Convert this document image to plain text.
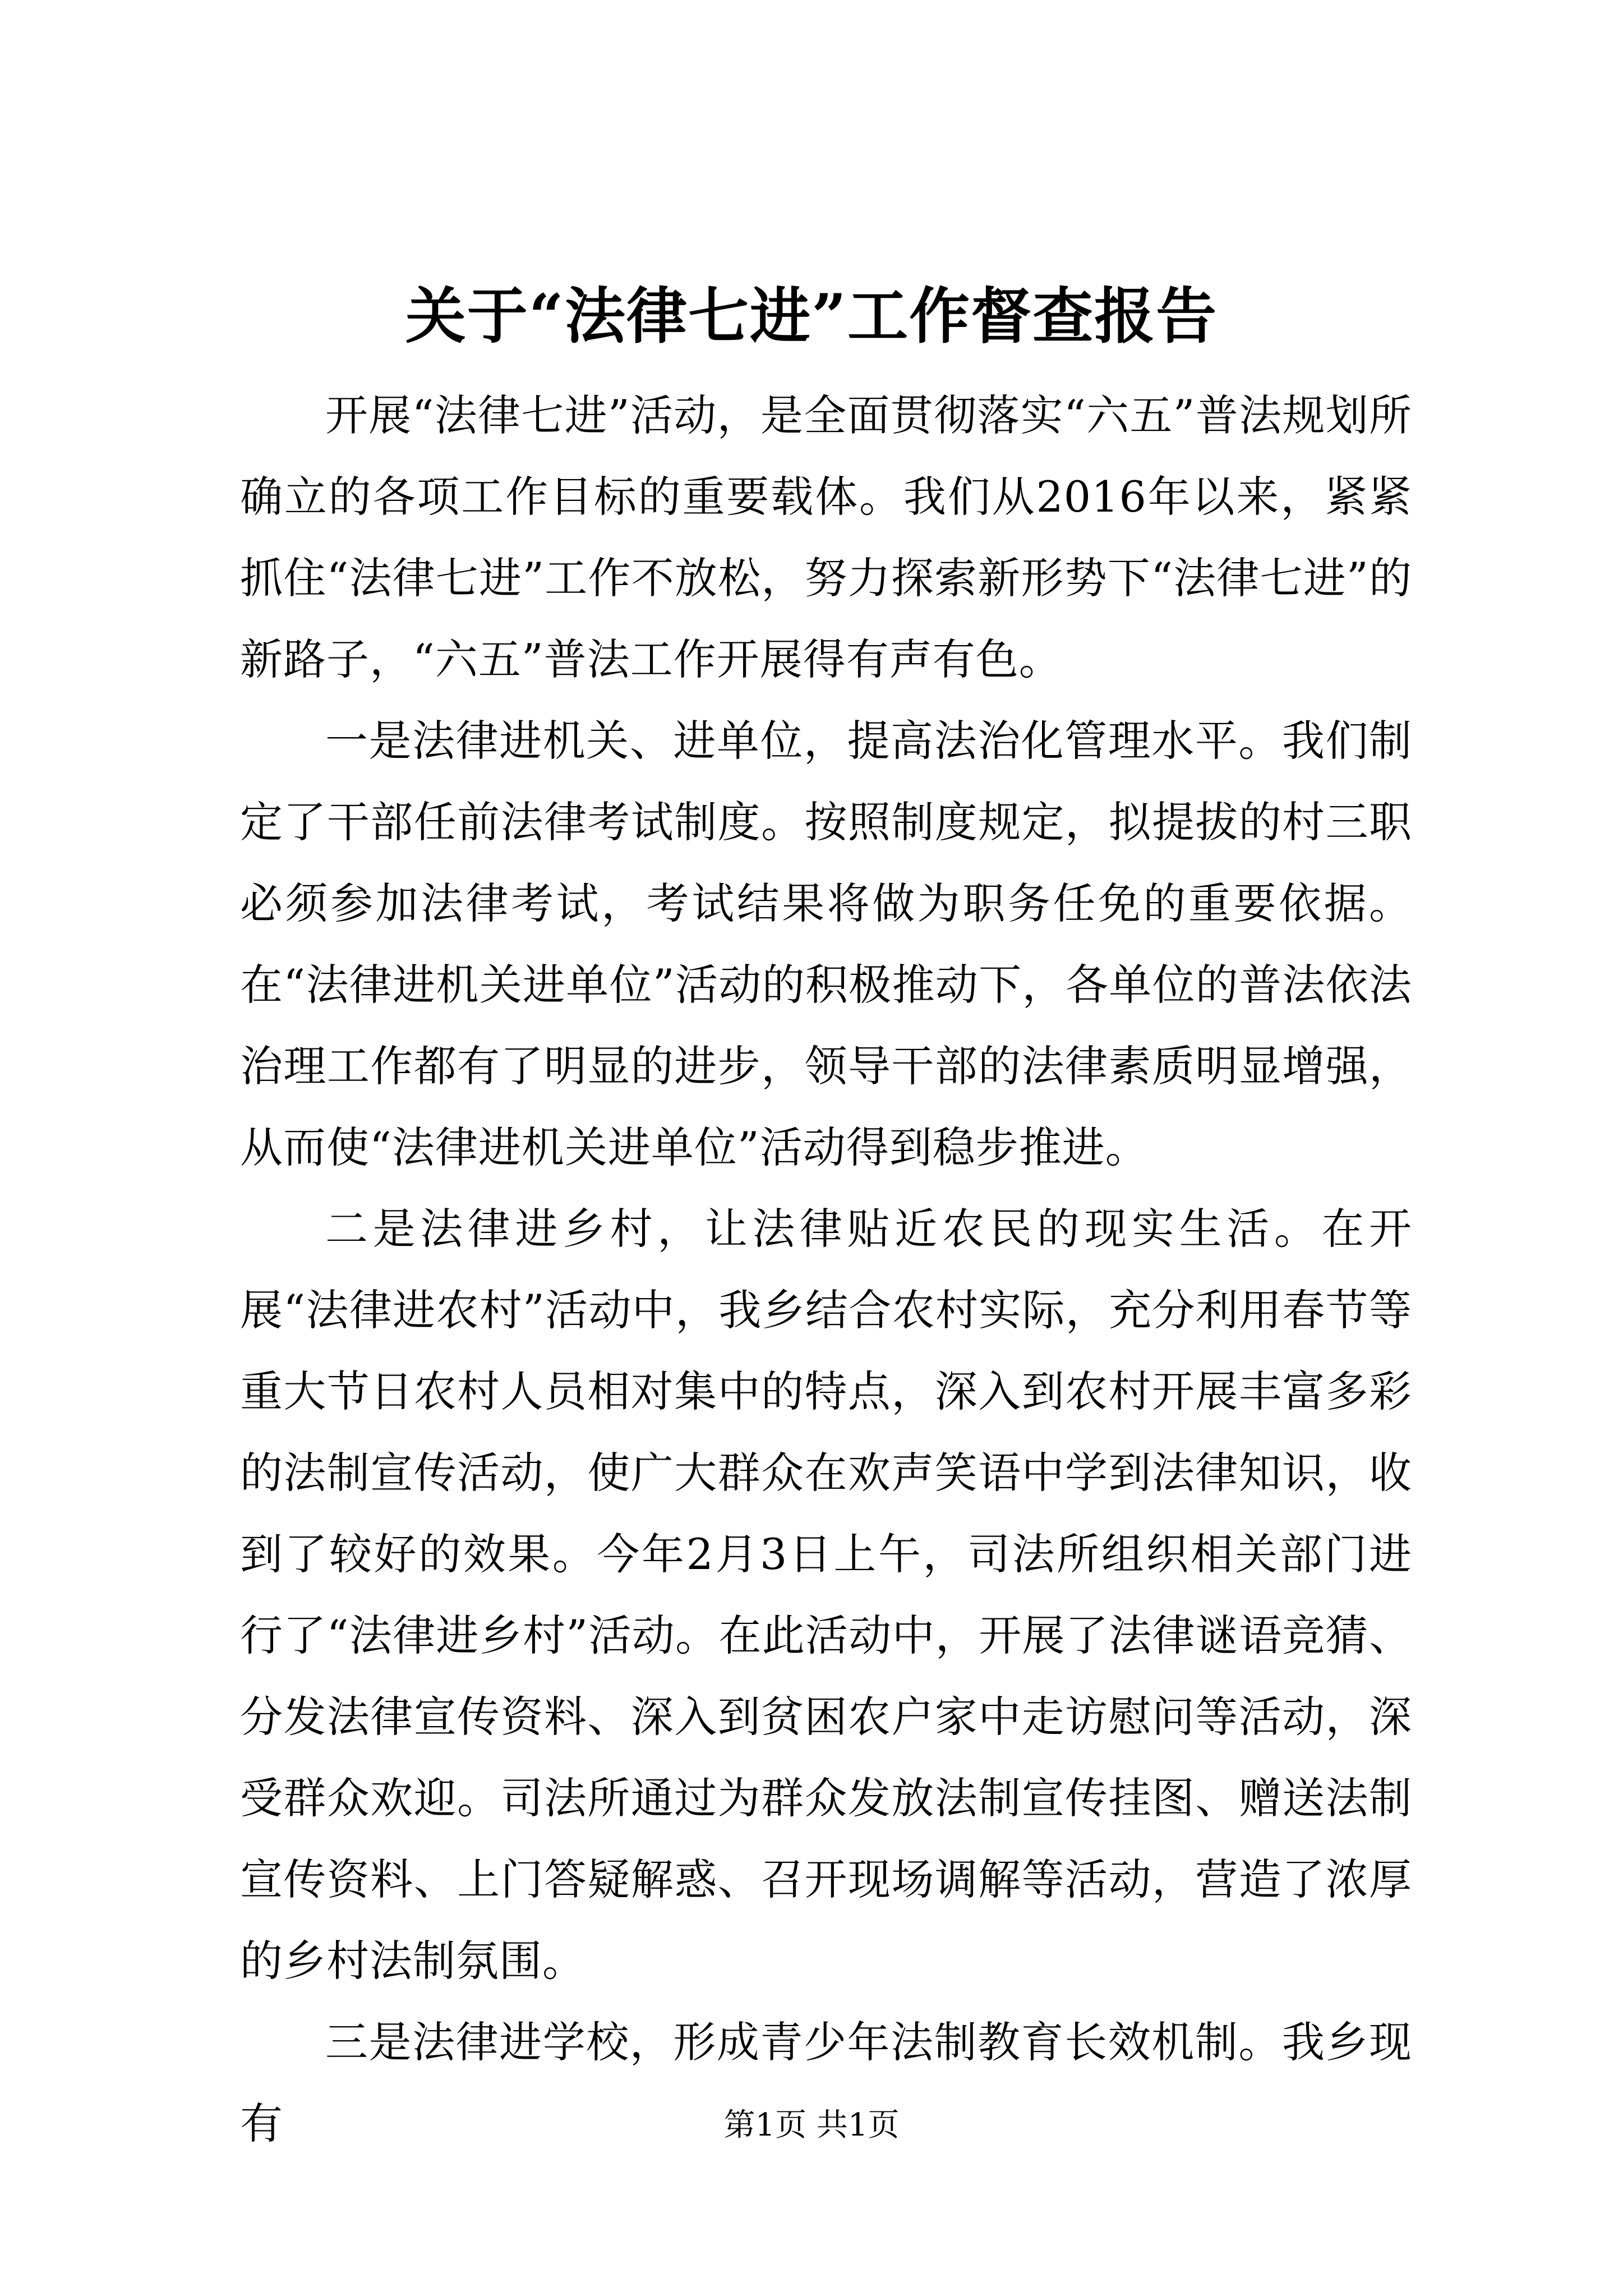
关于“法律七进”工作督查报告

开展“法律七进”活动，是全面贯彻落实“六五”普法规划所确立的各项工作目标的重要载体。我们从2016年以来，紧紧抓住“法律七进”工作不放松，努力探索新形势下“法律七进”的新路子，“六五”普法工作开展得有声有色。

一是法律进机关、进单位，提高法治化管理水平。我们制定了干部任前法律考试制度。按照制度规定，拟提拔的村三职必须参加法律考试，考试结果将做为职务任免的重要依据。在“法律进机关进单位”活动的积极推动下，各单位的普法依法治理工作都有了明显的进步，领导干部的法律素质明显增强，从而使“法律进机关进单位”活动得到稳步推进。

二是法律进乡村，让法律贴近农民的现实生活。在开展“法律进农村”活动中，我乡结合农村实际，充分利用春节等重大节日农村人员相对集中的特点，深入到农村开展丰富多彩的法制宣传活动，使广大群众在欢声笑语中学到法律知识，收到了较好的效果。今年2月3日上午，司法所组织相关部门进行了“法律进乡村”活动。在此活动中，开展了法律谜语竞猜、分发法律宣传资料、深入到贫困农户家中走访慰问等活动，深受群众欢迎。司法所通过为群众发放法制宣传挂图、赠送法制宣传资料、上门答疑解惑、召开现场调解等活动，营造了浓厚的乡村法制氛围。

三是法律进学校，形成青少年法制教育长效机制。我乡现有	第1页 共1页
